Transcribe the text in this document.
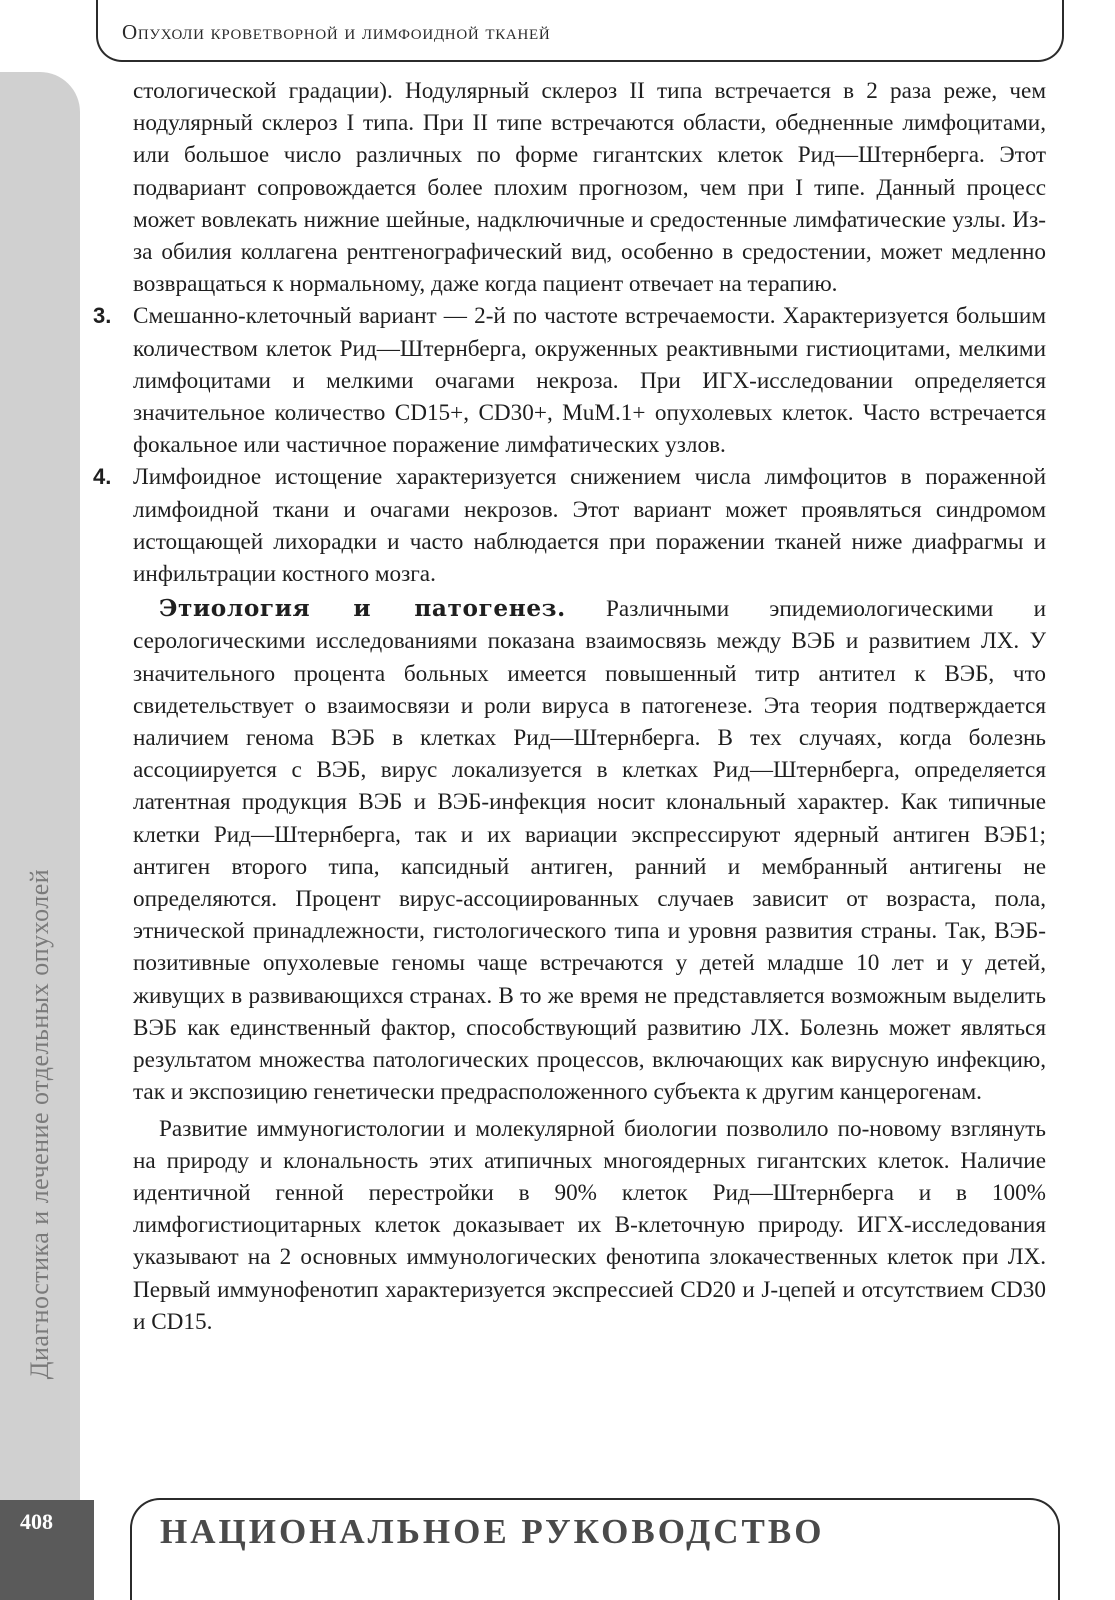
Опухоли кроветворной и лимфоидной тканей
Диагностика и лечение отдельных опухолей
408	НАЦИОНАЛЬНОЕ РУКОВОДСТВО

стологической градации). Нодулярный склероз II типа встречается в 2 раза реже, чем нодулярный склероз I типа. При II типе встречаются области, обедненные лимфоцитами, или большое число различных по форме гигантских клеток Рид—Штернберга. Этот подвариант сопровождается более плохим прогнозом, чем при I типе. Данный процесс может вовлекать нижние шейные, надключичные и средостенные лимфатические узлы. Из-за обилия коллагена рентгенографический вид, особенно в средостении, может медленно возвращаться к нормальному, даже когда пациент отвечает на терапию.

3. Смешанно-клеточный вариант — 2-й по частоте встречаемости. Характеризуется большим количеством клеток Рид—Штернберга, окруженных реактивными гистиоцитами, мелкими лимфоцитами и мелкими очагами некроза. При ИГХ-исследовании определяется значительное количество CD15+, CD30+, MuM.1+ опухолевых клеток. Часто встречается фокальное или частичное поражение лимфатических узлов.

4. Лимфоидное истощение характеризуется снижением числа лимфоцитов в пораженной лимфоидной ткани и очагами некрозов. Этот вариант может проявляться синдромом истощающей лихорадки и часто наблюдается при поражении тканей ниже диафрагмы и инфильтрации костного мозга.

Этиология и патогенез. Различными эпидемиологическими и серологическими исследованиями показана взаимосвязь между ВЭБ и развитием ЛХ. У значительного процента больных имеется повышенный титр антител к ВЭБ, что свидетельствует о взаимосвязи и роли вируса в патогенезе. Эта теория подтверждается наличием генома ВЭБ в клетках Рид—Штернберга. В тех случаях, когда болезнь ассоциируется с ВЭБ, вирус локализуется в клетках Рид—Штернберга, определяется латентная продукция ВЭБ и ВЭБ-инфекция носит клональный характер. Как типичные клетки Рид—Штернберга, так и их вариации экспрессируют ядерный антиген ВЭБ1; антиген второго типа, капсидный антиген, ранний и мембранный антигены не определяются. Процент вирус-ассоциированных случаев зависит от возраста, пола, этнической принадлежности, гистологического типа и уровня развития страны. Так, ВЭБ-позитивные опухолевые геномы чаще встречаются у детей младше 10 лет и у детей, живущих в развивающихся странах. В то же время не представляется возможным выделить ВЭБ как единственный фактор, способствующий развитию ЛХ. Болезнь может являться результатом множества патологических процессов, включающих как вирусную инфекцию, так и экспозицию генетически предрасположенного субъекта к другим канцерогенам.

Развитие иммуногистологии и молекулярной биологии позволило по-новому взглянуть на природу и клональность этих атипичных многоядерных гигантских клеток. Наличие идентичной генной перестройки в 90% клеток Рид—Штернберга и в 100% лимфогистиоцитарных клеток доказывает их В-клеточную природу. ИГХ-исследования указывают на 2 основных иммунологических фенотипа злокачественных клеток при ЛХ. Первый иммунофенотип характеризуется экспрессией CD20 и J-цепей и отсутствием CD30 и CD15.
